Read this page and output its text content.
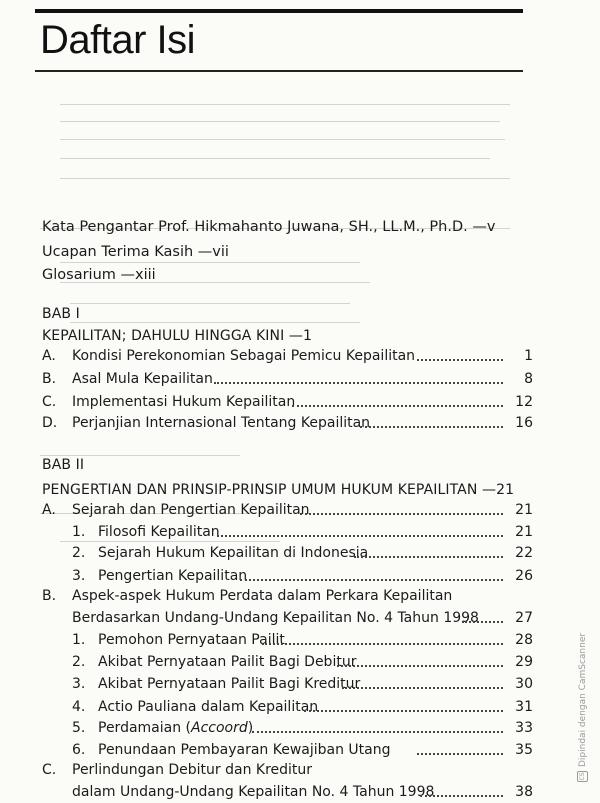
Daftar Isi
Kata Pengantar Prof. Hikmahanto Juwana, SH., LL.M., Ph.D. —v
Ucapan Terima Kasih —vii
Glosarium —xiii
BAB I
KEPAILITAN; DAHULU HINGGA KINI —1
A. Kondisi Perekonomian Sebagai Pemicu Kepailitan	1
B. Asal Mula Kepailitan	8
C. Implementasi Hukum Kepailitan	12
D. Perjanjian Internasional Tentang Kepailitan	16
BAB II
PENGERTIAN DAN PRINSIP-PRINSIP UMUM HUKUM KEPAILITAN —21
A. Sejarah dan Pengertian Kepailitan	21
1. Filosofi Kepailitan	21
2. Sejarah Hukum Kepailitan di Indonesia	22
3. Pengertian Kepailitan	26
B. Aspek-aspek Hukum Perdata dalam Perkara Kepailitan
Berdasarkan Undang-Undang Kepailitan No. 4 Tahun 1998	27
1. Pemohon Pernyataan Pailit	28
2. Akibat Pernyataan Pailit Bagi Debitur	29
3. Akibat Pernyataan Pailit Bagi Kreditur	30
4. Actio Pauliana dalam Kepailitan	31
5. Perdamaian (Accoord)	33
6. Penundaan Pembayaran Kewajiban Utang	35
C. Perlindungan Debitur dan Kreditur
dalam Undang-Undang Kepailitan No. 4 Tahun 1998	38
CSDipindai dengan CamScanner
